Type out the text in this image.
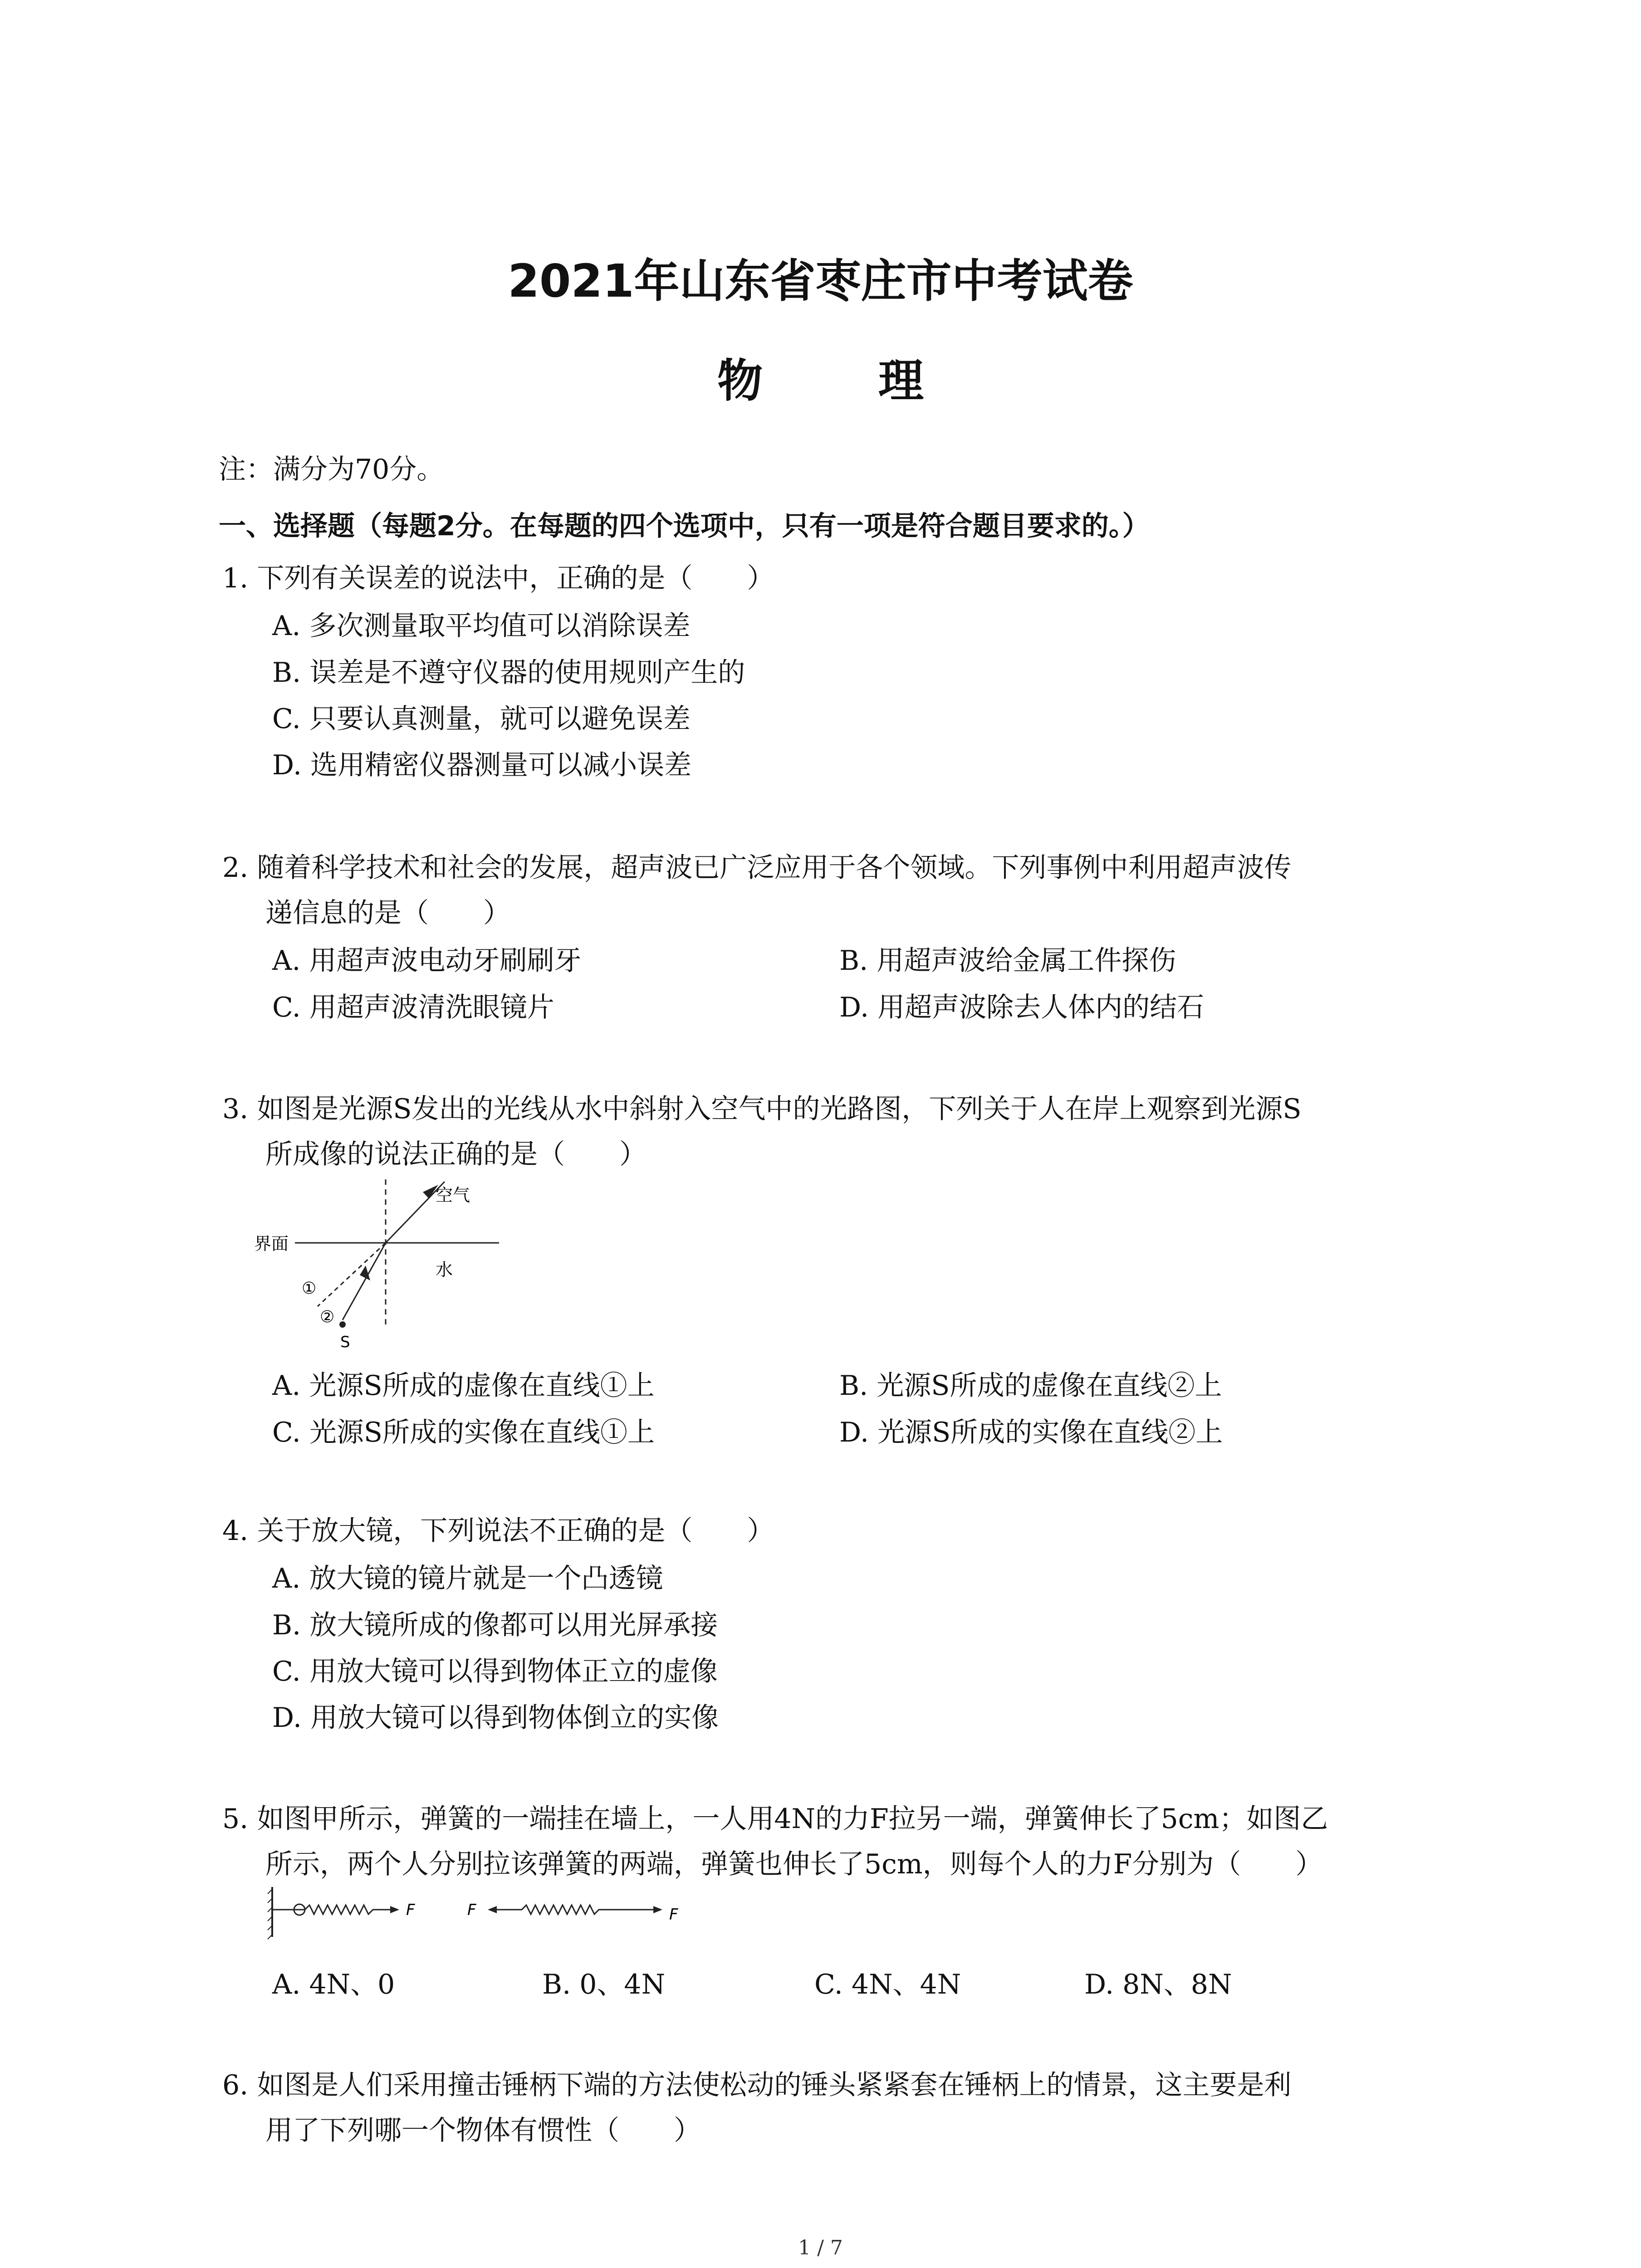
2021年山东省枣庄市中考试卷
物 理
注：满分为70分。
一、选择题（每题2分。在每题的四个选项中，只有一项是符合题目要求的。）
1. 下列有关误差的说法中，正确的是（　　）
A. 多次测量取平均值可以消除误差
B. 误差是不遵守仪器的使用规则产生的
C. 只要认真测量，就可以避免误差
D. 选用精密仪器测量可以减小误差
2. 随着科学技术和社会的发展，超声波已广泛应用于各个领域。下列事例中利用超声波传
递信息的是（　　）
A. 用超声波电动牙刷刷牙	B. 用超声波给金属工件探伤
C. 用超声波清洗眼镜片	D. 用超声波除去人体内的结石
3. 如图是光源S发出的光线从水中斜射入空气中的光路图，下列关于人在岸上观察到光源S
所成像的说法正确的是（　　）
空气
界面
水
①
②
S
A. 光源S所成的虚像在直线①上	B. 光源S所成的虚像在直线②上
C. 光源S所成的实像在直线①上	D. 光源S所成的实像在直线②上
4. 关于放大镜，下列说法不正确的是（　　）
A. 放大镜的镜片就是一个凸透镜
B. 放大镜所成的像都可以用光屏承接
C. 用放大镜可以得到物体正立的虚像
D. 用放大镜可以得到物体倒立的实像
5. 如图甲所示，弹簧的一端挂在墙上，一人用4N的力F拉另一端，弹簧伸长了5cm；如图乙
所示，两个人分别拉该弹簧的两端，弹簧也伸长了5cm，则每个人的力F分别为（　　）
F	F	F
A. 4N、0	B. 0、4N	C. 4N、4N	D. 8N、8N
6. 如图是人们采用撞击锤柄下端的方法使松动的锤头紧紧套在锤柄上的情景，这主要是利
用了下列哪一个物体有惯性（　　）
1 / 7
